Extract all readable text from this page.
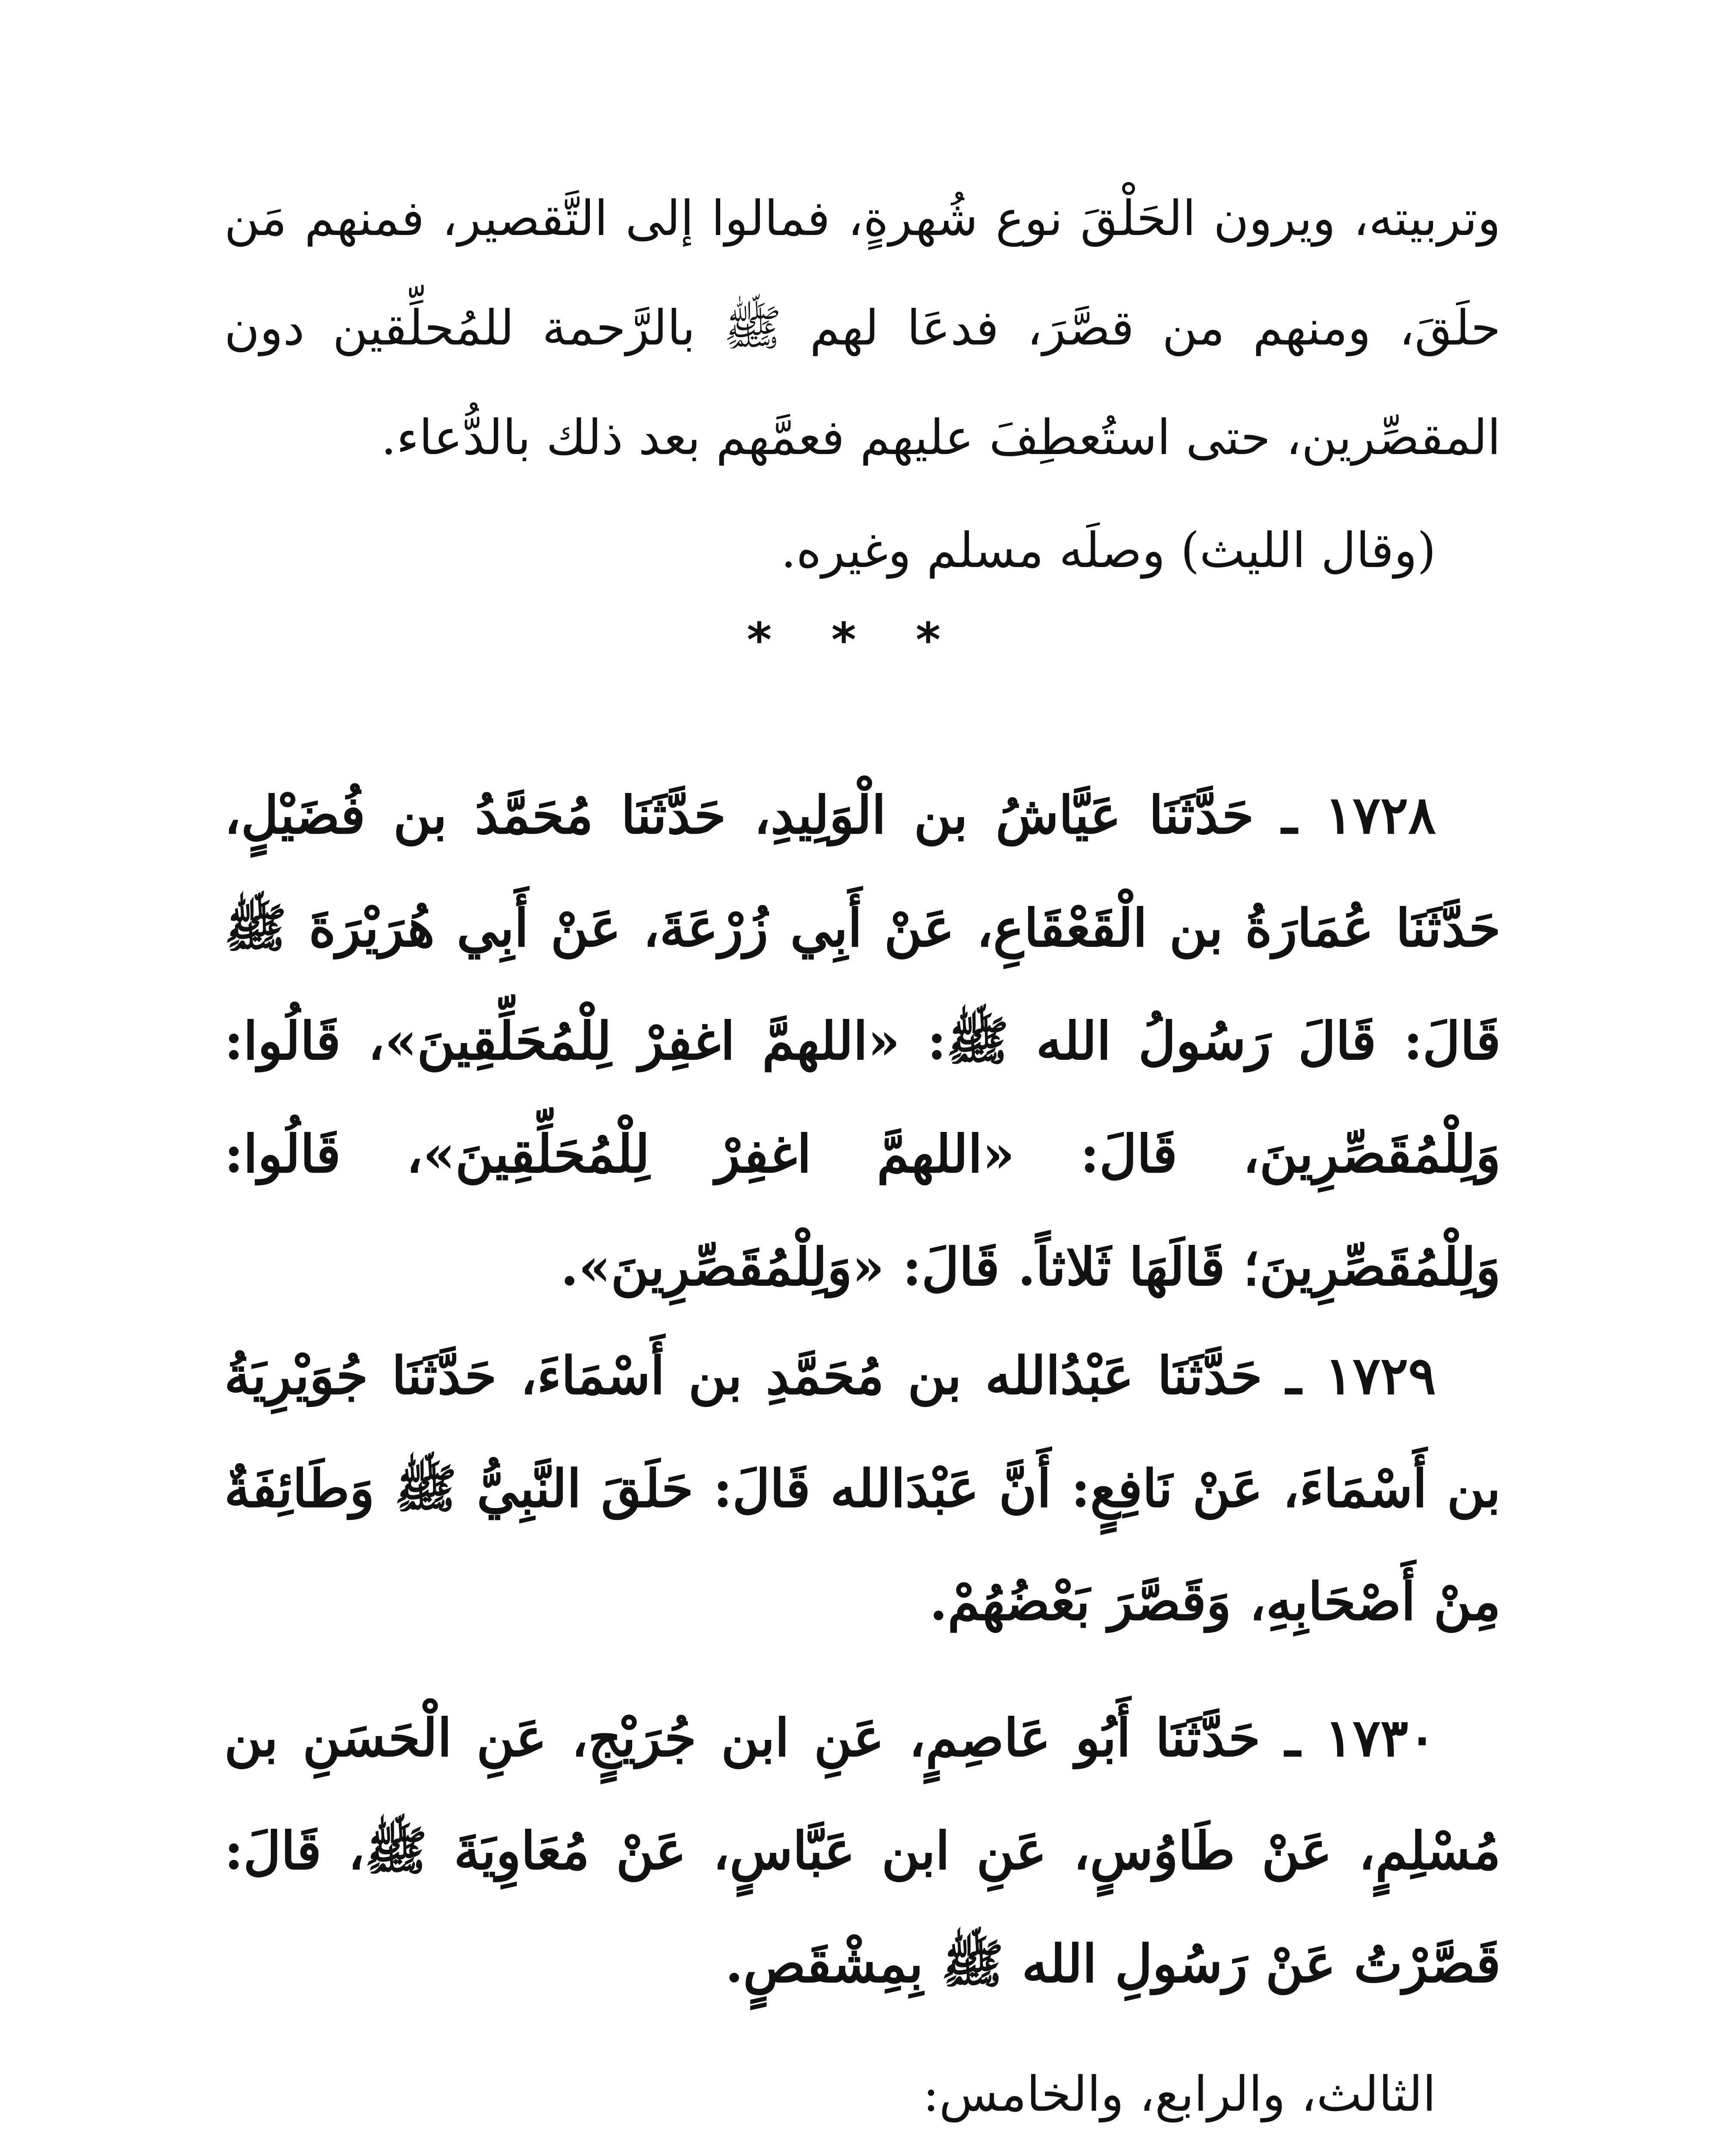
وتربيته، ويرون الحَلْقَ نوع شُهرةٍ، فمالوا إلى التَّقصير، فمنهم مَن حلَقَ، ومنهم من قصَّرَ، فدعَا لهم ﷺ بالرَّحمة للمُحلِّقين دون المقصِّرين، حتى استُعطِفَ عليهم فعمَّهم بعد ذلك بالدُّعاء.

(وقال الليث) وصلَه مسلم وغيره.

* * *

١٧٢٨ ـ حَدَّثَنَا عَيَّاشُ بن الْوَلِيدِ، حَدَّثَنَا مُحَمَّدُ بن فُضَيْلٍ، حَدَّثَنَا عُمَارَةُ بن الْقَعْقَاعِ، عَنْ أَبِي زُرْعَةَ، عَنْ أَبِي هُرَيْرَةَ ﷺ قَالَ: قَالَ رَسُولُ الله ﷺ: «اللهمَّ اغفِرْ لِلْمُحَلِّقِينَ»، قَالُوا: وَلِلْمُقَصِّرِينَ، قَالَ: «اللهمَّ اغفِرْ لِلْمُحَلِّقِينَ»، قَالُوا: وَلِلْمُقَصِّرِينَ؛ قَالَهَا ثَلاثاً. قَالَ: «وَلِلْمُقَصِّرِينَ».

١٧٢٩ ـ حَدَّثَنَا عَبْدُالله بن مُحَمَّدِ بن أَسْمَاءَ، حَدَّثَنَا جُوَيْرِيَةُ بن أَسْمَاءَ، عَنْ نَافِعٍ: أَنَّ عَبْدَالله قَالَ: حَلَقَ النَّبِيُّ ﷺ وَطَائِفَةٌ مِنْ أَصْحَابِهِ، وَقَصَّرَ بَعْضُهُمْ.

١٧٣٠ ـ حَدَّثَنَا أَبُو عَاصِمٍ، عَنِ ابن جُرَيْجٍ، عَنِ الْحَسَنِ بن مُسْلِمٍ، عَنْ طَاوُسٍ، عَنِ ابن عَبَّاسٍ، عَنْ مُعَاوِيَةَ ﷺ، قَالَ: قَصَّرْتُ عَنْ رَسُولِ الله ﷺ بِمِشْقَصٍ.

الثالث، والرابع، والخامس:
